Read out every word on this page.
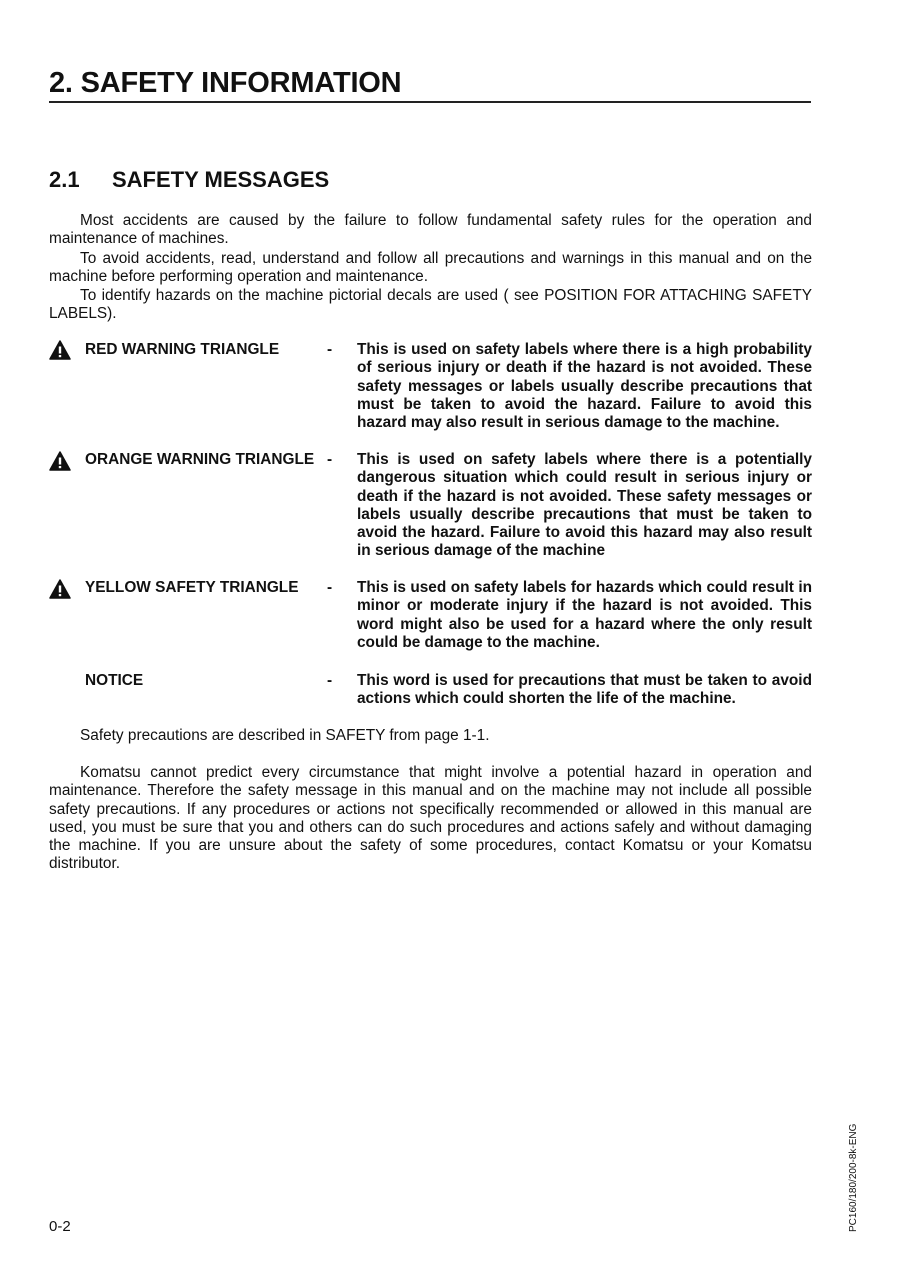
2. SAFETY INFORMATION
2.1 SAFETY MESSAGES
Most accidents are caused by the failure to follow fundamental safety rules for the operation and maintenance of machines.
To avoid accidents, read, understand and follow all precautions and warnings in this manual and on the machine before performing operation and maintenance.
To identify hazards on the machine pictorial decals are used ( see POSITION FOR ATTACHING SAFETY LABELS).
RED WARNING TRIANGLE	- This is used on safety labels where there is a high probability of serious injury or death if the hazard is not avoided. These safety messages or labels usually describe precautions that must be taken to avoid the hazard. Failure to avoid this hazard may also result in serious damage to the machine.
ORANGE WARNING TRIANGLE - This is used on safety labels where there is a potentially dangerous situation which could result in serious injury or death if the hazard is not avoided. These safety messages or labels usually describe precautions that must be taken to avoid the hazard. Failure to avoid this hazard may also result in serious damage of the machine
YELLOW SAFETY TRIANGLE - This is used on safety labels for hazards which could result in minor or moderate injury if the hazard is not avoided. This word might also be used for a hazard where the only result could be damage to the machine.
NOTICE	- This word is used for precautions that must be taken to avoid actions which could shorten the life of the machine.
Safety precautions are described in SAFETY from page 1-1.
Komatsu cannot predict every circumstance that might involve a potential hazard in operation and maintenance. Therefore the safety message in this manual and on the machine may not include all possible safety precautions. If any procedures or actions not specifically recommended or allowed in this manual are used, you must be sure that you and others can do such procedures and actions safely and without damaging the machine. If you are unsure about the safety of some procedures, contact Komatsu or your Komatsu distributor.
0-2	PC160/180/200-8k-ENG
